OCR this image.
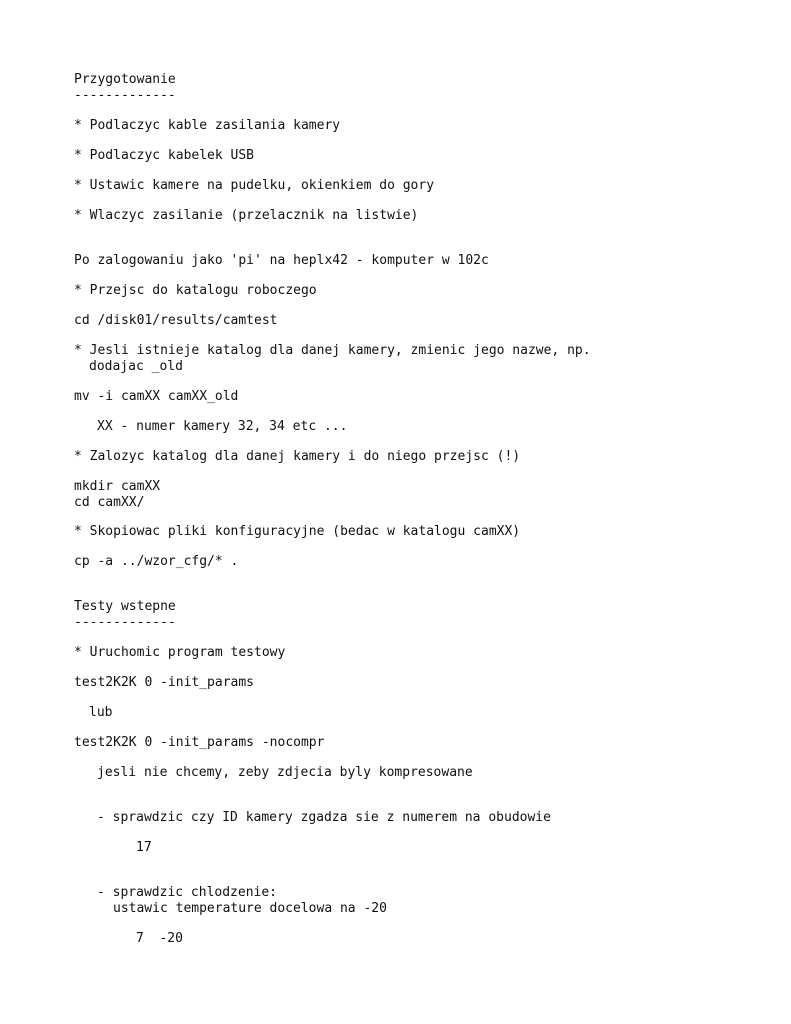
Przygotowanie

-------------

* Podlaczyc kable zasilania kamery

* Podlaczyc kabelek USB

* Ustawic kamere na pudelku, okienkiem do gory

* Wlaczyc zasilanie (przelacznik na listwie)

Po zalogowaniu jako 'pi' na heplx42 - komputer w 102c

* Przejsc do katalogu roboczego

cd /disk01/results/camtest

* Jesli istnieje katalog dla danej kamery, zmienic jego nazwe, np.

dodajac _old

mv -i camXX camXX_old

XX - numer kamery 32, 34 etc ...

* Zalozyc katalog dla danej kamery i do niego przejsc (!)

mkdir camXX

cd camXX/

* Skopiowac pliki konfiguracyjne (bedac w katalogu camXX)

cp -a ../wzor_cfg/* .

Testy wstepne

-------------

* Uruchomic program testowy

test2K2K 0 -init_params

lub

test2K2K 0 -init_params -nocompr

jesli nie chcemy, zeby zdjecia byly kompresowane

- sprawdzic czy ID kamery zgadza sie z numerem na obudowie

17

- sprawdzic chlodzenie:

ustawic temperature docelowa na -20

7  -20
